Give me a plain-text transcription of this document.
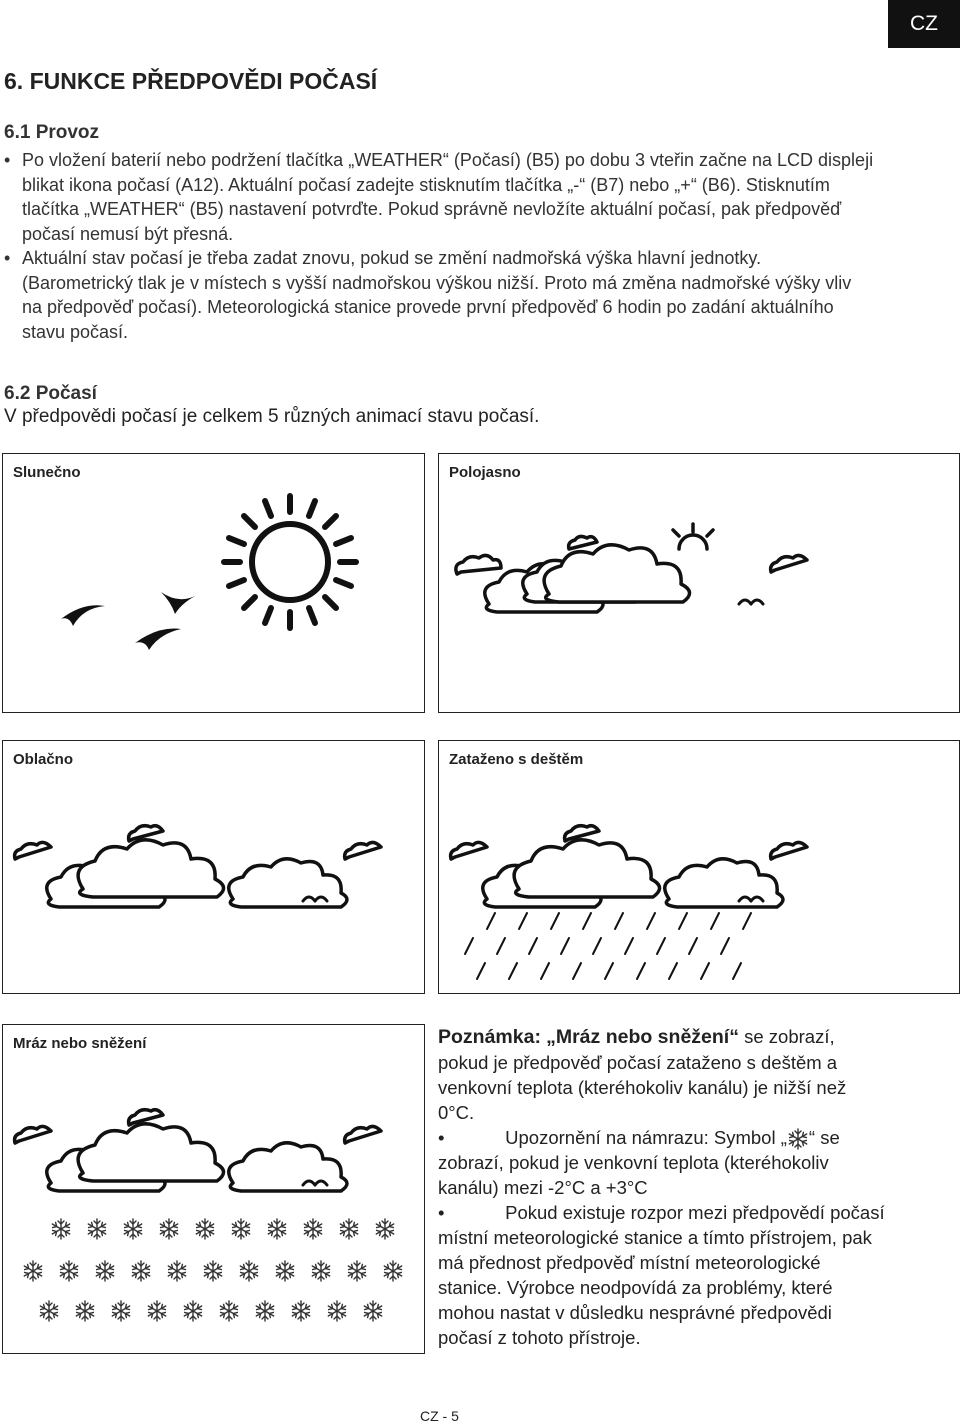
CZ
6. FUNKCE PŘEDPOVĚDI POČASÍ
6.1 Provoz
• Po vložení baterií nebo podržení tlačítka „WEATHER“ (Počasí) (B5) po dobu 3 vteřin začne na LCD displeji blikat ikona počasí (A12). Aktuální počasí zadejte stisknutím tlačítka „-“ (B7) nebo „+“ (B6). Stisknutím tlačítka „WEATHER“ (B5) nastavení potvrďte. Pokud správně nevložíte aktuální počasí, pak předpověď počasí nemusí být přesná.
• Aktuální stav počasí je třeba zadat znovu, pokud se změní nadmořská výška hlavní jednotky. (Barometrický tlak je v místech s vyšší nadmořskou výškou nižší. Proto má změna nadmořské výšky vliv na předpověď počasí). Meteorologická stanice provede první předpověď 6 hodin po zadání aktuálního stavu počasí.
6.2 Počasí

V předpovědi počasí je celkem 5 různých animací stavu počasí.

Slunečno	Polojasno
Oblačno	Zataženo s deštěm
Mráz nebo sněžení	Poznámka: „Mráz nebo sněžení“ se zobrazí, pokud je předpověď počasí zataženo s deštěm a venkovní teplota (kteréhokoliv kanálu) je nižší než 0°C.

• Upozornění na námrazu: Symbol „ “ se zobrazí, pokud je venkovní teplota (kteréhokoliv kanálu) mezi -2°C a +3°C

• Pokud existuje rozpor mezi předpovědí počasí místní meteorologické stanice a tímto přístrojem, pak má přednost předpověď místní meteorologické stanice. Výrobce neodpovídá za problémy, které mohou nastat v důsledku nesprávné předpovědi počasí z tohoto přístroje.

CZ - 5
